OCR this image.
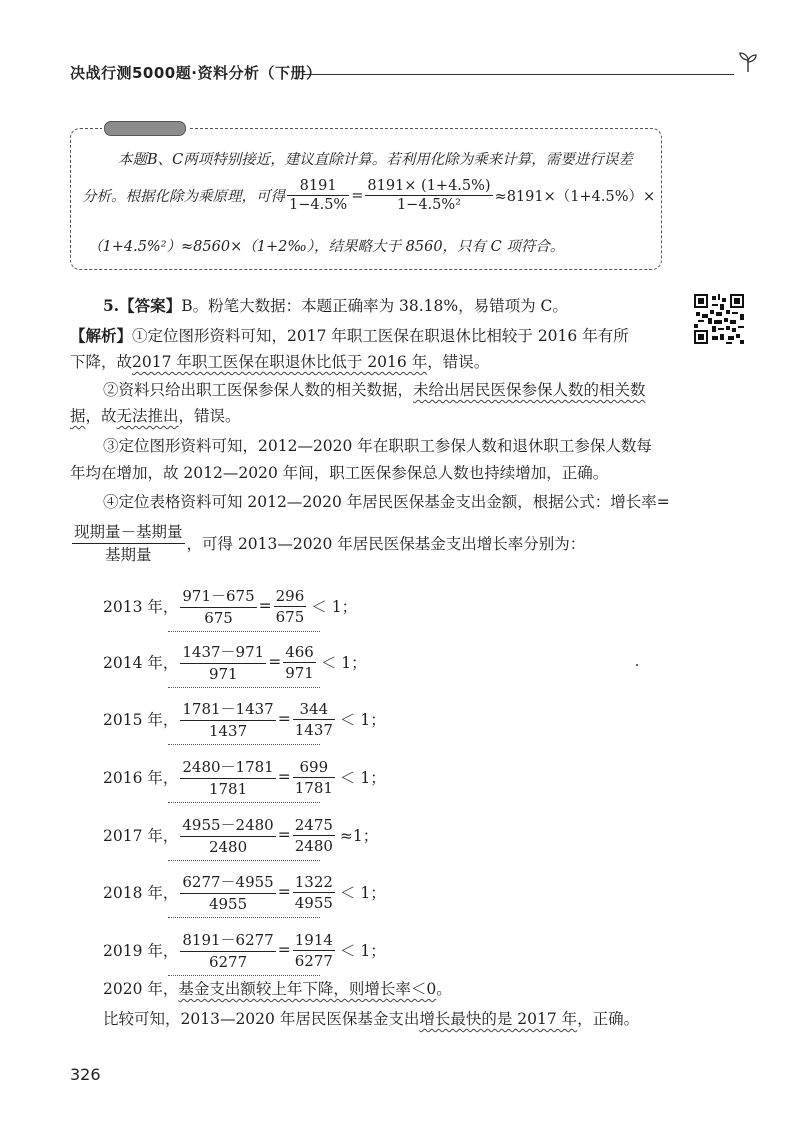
决战行测5000题·资料分析（下册）
本题B、C两项特别接近，建议直除计算。若利用化除为乘来计算，需要进行误差
分析。根据化除为乘原理，可得 $\frac{8191}{1-4.5\%} = \frac{8191\times (1+4.5\%)}{\text{1−4.5\%²}} \approx 8191\times(1+4.5\%)\times$
（1+4.5%²）≈8560×（1+2‰），结果略大于 8560，只有 C 项符合。
5.【答案】B。粉笔大数据：本题正确率为 38.18%，易错项为 C。
【解析】①定位图形资料可知，2017 年职工医保在职退休比相较于 2016 年有所
下降，故2017 年职工医保在职退休比低于 2016 年，错误。
②资料只给出职工医保参保人数的相关数据，未给出居民医保参保人数的相关数
据，故无法推出，错误。
③定位图形资料可知，2012—2020 年在职职工参保人数和退休职工参保人数每
年均在增加，故 2012—2020 年间，职工医保参保总人数也持续增加，正确。
④定位表格资料可知 2012—2020 年居民医保基金支出金额，根据公式：增长率=
$\frac{\text{现期量－基期量}}{\text{基期量}}$ ，可得 2013—2020 年居民医保基金支出增长率分别为：
2013 年， $\frac{971-675}{675} = \frac{296}{675} < 1$；
2014 年， $\frac{1437-971}{971} = \frac{466}{971} < 1$；
2015 年， $\frac{1781-1437}{1437} = \frac{344}{1437} < 1$；
2016 年， $\frac{2480-1781}{1781} = \frac{699}{1781} < 1$；
2017 年， $\frac{4955-2480}{2480} = \frac{2475}{2480} \approx 1$；
2018 年， $\frac{6277-4955}{4955} = \frac{1322}{4955} < 1$；
2019 年， $\frac{8191-6277}{6277} = \frac{1914}{6277} < 1$；
2020 年，基金支出额较上年下降，则增长率＜0。
比较可知，2013—2020 年居民医保基金支出增长最快的是 2017 年，正确。
326
